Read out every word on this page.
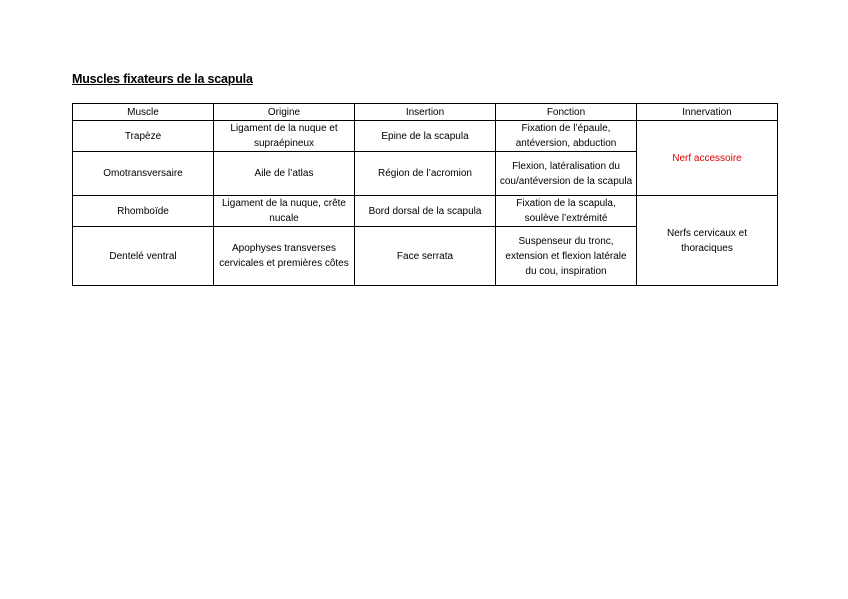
Muscles fixateurs de la scapula
Muscle	Origine	Insertion	Fonction	Innervation
Trapèze	Ligament de la nuque et supraépineux	Epine de la scapula	Fixation de l’épaule, antéversion, abduction	Nerf accessoire
Omotransversaire	Aile de l’atlas	Région de l’acromion	Flexion, latéralisation du cou/antéversion de la scapula	
Rhomboïde	Ligament de la nuque, crête nucale	Bord dorsal de la scapula	Fixation de la scapula, soulève l’extrémité	Nerfs cervicaux et thoraciques
Dentelé ventral	Apophyses transverses cervicales et premières côtes	Face serrata	Suspenseur du tronc, extension et flexion latérale du cou, inspiration	
